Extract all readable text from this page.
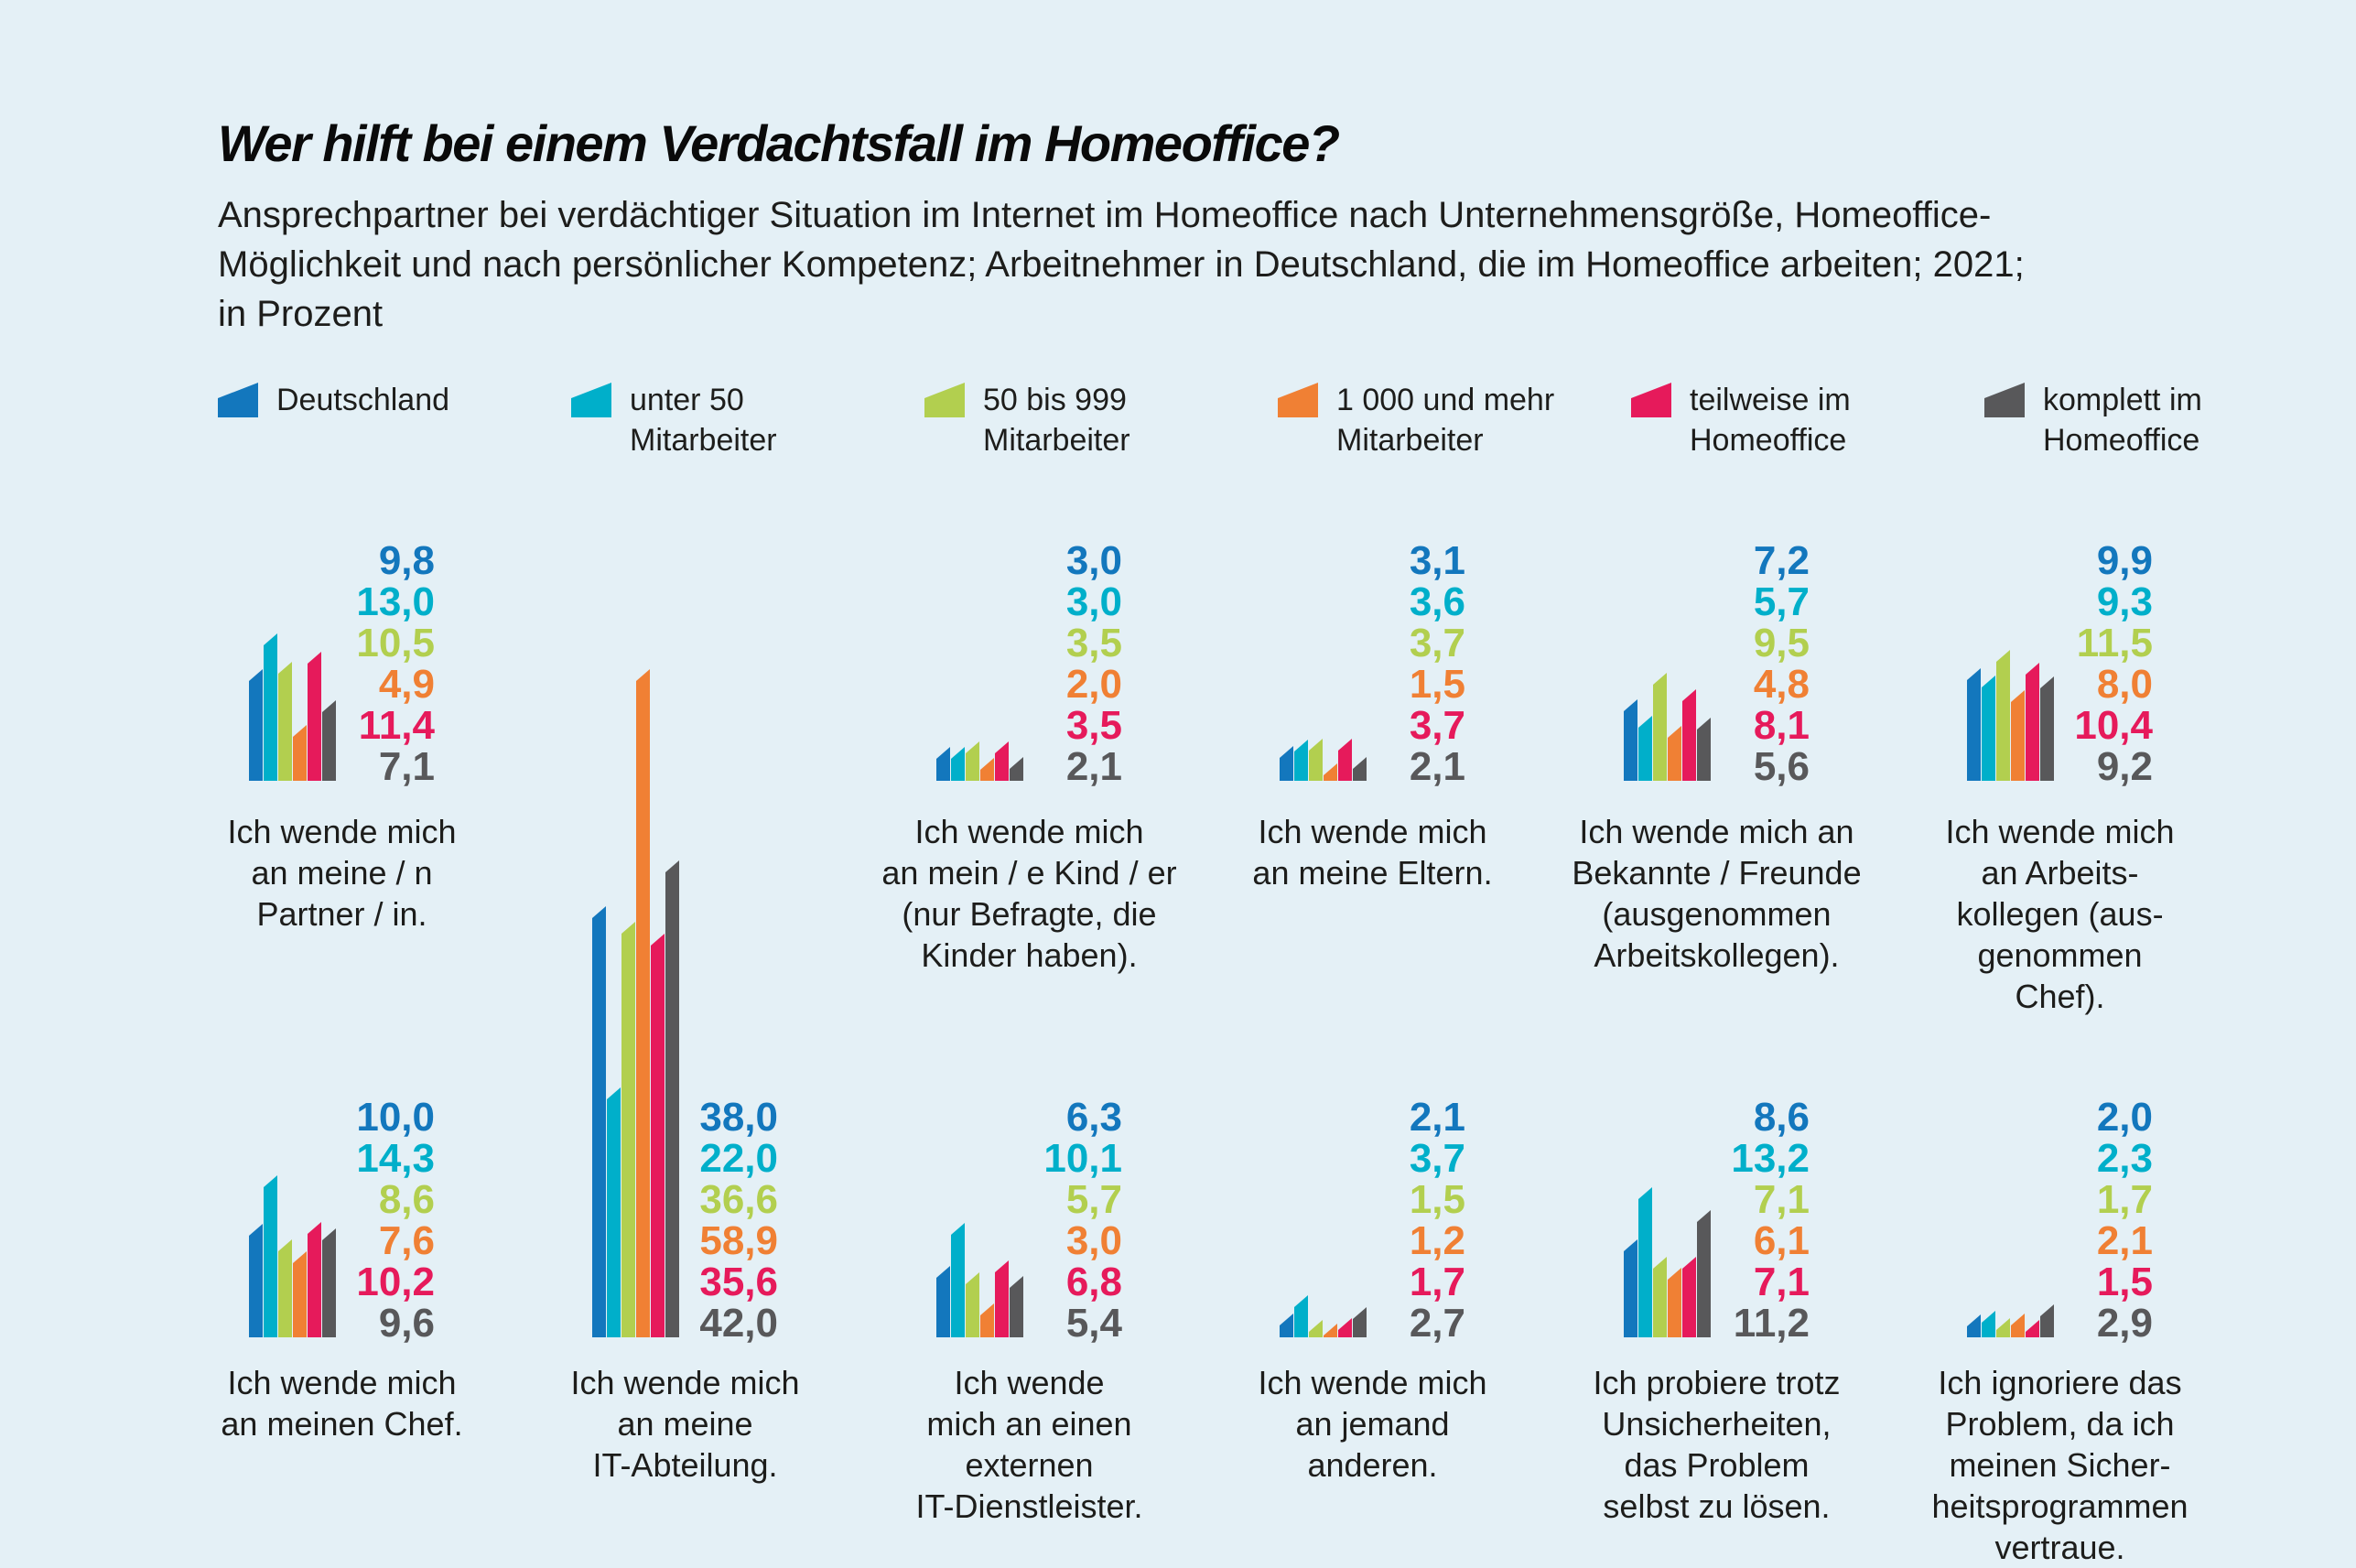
Wer hilft bei einem Verdachtsfall im Homeoffice?
Ansprechpartner bei verdächtiger Situation im Internet im Homeoffice nach Unternehmensgröße, Homeoffice-
Möglichkeit und nach persönlicher Kompetenz; Arbeitnehmer in Deutschland, die im Homeoffice arbeiten; 2021;
in Prozent
Deutschland	unter 50
Mitarbeiter
50 bis 999
Mitarbeiter
1 000 und mehr
Mitarbeiter
teilweise im
Homeoffice
komplett im
Homeoffice
9,8
13,0
10,5
4,9
11,4
7,1
Ich wende mich
an meine / n
Partner / in.
3,0
3,0
3,5
2,0
3,5
2,1
Ich wende mich
an mein / e Kind / er
(nur Befragte, die
Kinder haben).
3,1
3,6
3,7
1,5
3,7
2,1
Ich wende mich
an meine Eltern.
7,2
5,7
9,5
4,8
8,1
5,6
Ich wende mich an
Bekannte / Freunde
(ausgenommen
Arbeitskollegen).
9,9
9,3
11,5
8,0
10,4
9,2
Ich wende mich
an Arbeits-
kollegen (aus-
genommen
Chef).
10,0
14,3
8,6
7,6
10,2
9,6
Ich wende mich
an meinen Chef.
38,0
22,0
36,6
58,9
35,6
42,0
Ich wende mich
an meine
IT-Abteilung.
6,3
10,1
5,7
3,0
6,8
5,4
Ich wende
mich an einen
externen
IT-Dienstleister.
2,1
3,7
1,5
1,2
1,7
2,7
Ich wende mich
an jemand
anderen.
8,6
13,2
7,1
6,1
7,1
11,2
Ich probiere trotz
Unsicherheiten,
das Problem
selbst zu lösen.
2,0
2,3
1,7
2,1
1,5
2,9
Ich ignoriere das
Problem, da ich
meinen Sicher-
heitsprogrammen
vertraue.
